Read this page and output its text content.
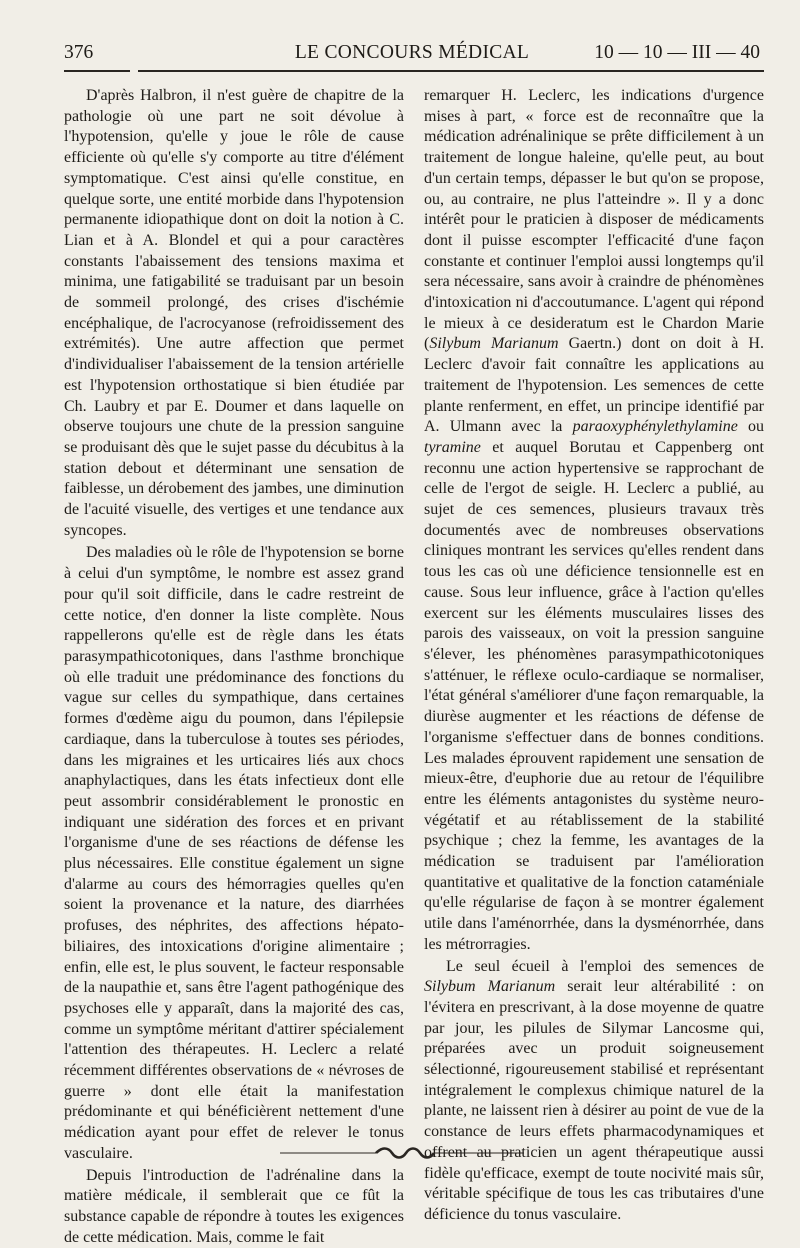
376	LE CONCOURS MÉDICAL	10 — 10 — III — 40

D'après Halbron, il n'est guère de chapitre de la pathologie où une part ne soit dévolue à l'hypotension, qu'elle y joue le rôle de cause efficiente où qu'elle s'y comporte au titre d'élément symptomatique. C'est ainsi qu'elle constitue, en quelque sorte, une entité morbide dans l'hypotension permanente idiopathique dont on doit la notion à C. Lian et à A. Blondel et qui a pour caractères constants l'abaissement des tensions maxima et minima, une fatigabilité se traduisant par un besoin de sommeil prolongé, des crises d'ischémie encéphalique, de l'acrocyanose (refroidissement des extrémités). Une autre affection que permet d'individualiser l'abaissement de la tension artérielle est l'hypotension orthostatique si bien étudiée par Ch. Laubry et par E. Doumer et dans laquelle on observe toujours une chute de la pression sanguine se produisant dès que le sujet passe du décubitus à la station debout et déterminant une sensation de faiblesse, un dérobement des jambes, une diminution de l'acuité visuelle, des vertiges et une tendance aux syncopes.

Des maladies où le rôle de l'hypotension se borne à celui d'un symptôme, le nombre est assez grand pour qu'il soit difficile, dans le cadre restreint de cette notice, d'en donner la liste complète. Nous rappellerons qu'elle est de règle dans les états parasympathicotoniques, dans l'asthme bronchique où elle traduit une prédominance des fonctions du vague sur celles du sympathique, dans certaines formes d'œdème aigu du poumon, dans l'épilepsie cardiaque, dans la tuberculose à toutes ses périodes, dans les migraines et les urticaires liés aux chocs anaphylactiques, dans les états infectieux dont elle peut assombrir considérablement le pronostic en indiquant une sidération des forces et en privant l'organisme d'une de ses réactions de défense les plus nécessaires. Elle constitue également un signe d'alarme au cours des hémorragies quelles qu'en soient la provenance et la nature, des diarrhées profuses, des néphrites, des affections hépato-biliaires, des intoxications d'origine alimentaire ; enfin, elle est, le plus souvent, le facteur responsable de la naupathie et, sans être l'agent pathogénique des psychoses elle y apparaît, dans la majorité des cas, comme un symptôme méritant d'attirer spécialement l'attention des thérapeutes. H. Leclerc a relaté récemment différentes observations de « névroses de guerre » dont elle était la manifestation prédominante et qui bénéficièrent nettement d'une médication ayant pour effet de relever le tonus vasculaire.

Depuis l'introduction de l'adrénaline dans la matière médicale, il semblerait que ce fût la substance capable de répondre à toutes les exigences de cette médication. Mais, comme le fait

remarquer H. Leclerc, les indications d'urgence mises à part, « force est de reconnaître que la médication adrénalinique se prête difficilement à un traitement de longue haleine, qu'elle peut, au bout d'un certain temps, dépasser le but qu'on se propose, ou, au contraire, ne plus l'atteindre ». Il y a donc intérêt pour le praticien à disposer de médicaments dont il puisse escompter l'efficacité d'une façon constante et continuer l'emploi aussi longtemps qu'il sera nécessaire, sans avoir à craindre de phénomènes d'intoxication ni d'accoutumance. L'agent qui répond le mieux à ce desideratum est le Chardon Marie (Silybum Marianum Gaertn.) dont on doit à H. Leclerc d'avoir fait connaître les applications au traitement de l'hypotension. Les semences de cette plante renferment, en effet, un principe identifié par A. Ulmann avec la paraoxyphénylethylamine ou tyramine et auquel Borutau et Cappenberg ont reconnu une action hypertensive se rapprochant de celle de l'ergot de seigle. H. Leclerc a publié, au sujet de ces semences, plusieurs travaux très documentés avec de nombreuses observations cliniques montrant les services qu'elles rendent dans tous les cas où une déficience tensionnelle est en cause. Sous leur influence, grâce à l'action qu'elles exercent sur les éléments musculaires lisses des parois des vaisseaux, on voit la pression sanguine s'élever, les phénomènes parasympathicotoniques s'atténuer, le réflexe oculo-cardiaque se normaliser, l'état général s'améliorer d'une façon remarquable, la diurèse augmenter et les réactions de défense de l'organisme s'effectuer dans de bonnes conditions. Les malades éprouvent rapidement une sensation de mieux-être, d'euphorie due au retour de l'équilibre entre les éléments antagonistes du système neuro-végétatif et au rétablissement de la stabilité psychique ; chez la femme, les avantages de la médication se traduisent par l'amélioration quantitative et qualitative de la fonction cataméniale qu'elle régularise de façon à se montrer également utile dans l'aménorrhée, dans la dysménorrhée, dans les métrorragies.

Le seul écueil à l'emploi des semences de Silybum Marianum serait leur altérabilité : on l'évitera en prescrivant, à la dose moyenne de quatre par jour, les pilules de Silymar Lancosme qui, préparées avec un produit soigneusement sélectionné, rigoureusement stabilisé et représentant intégralement le complexus chimique naturel de la plante, ne laissent rien à désirer au point de vue de la constance de leurs effets pharmacodynamiques et offrent au praticien un agent thérapeutique aussi fidèle qu'efficace, exempt de toute nocivité mais sûr, véritable spécifique de tous les cas tributaires d'une déficience du tonus vasculaire.
